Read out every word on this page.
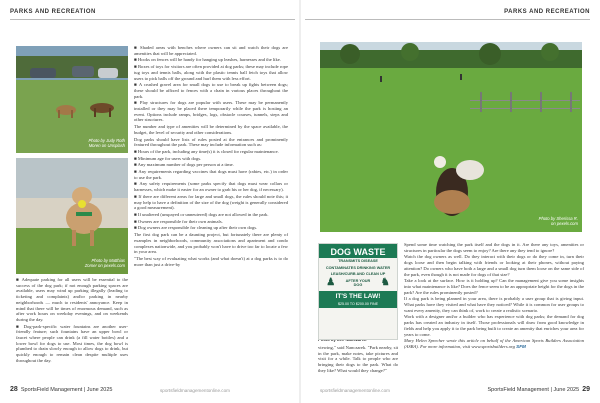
PARKS AND RECREATION
Photo by Judy Roth
Moren on Unsplash
Photo by Matthias
Zomer on pexels.com

■ Adequate parking for all users will be essential to the success of the dog park; if not enough parking spaces are available, users may wind up parking illegally (leading to ticketing and complaints) and/or parking in nearby neighborhoods — much to residents' annoyance. Keep in mind that there will be times of enormous demand, such as after work hours on weekday evenings, and on weekends during the day.

■ Dog-park-specific water fountains are another user-friendly feature; such fountains have an upper bowl or faucet where people can drink (a fill water bottles) and a lower bowl for dogs to use. Most times, the dog bowl is plumbed to drain slowly enough to allow dogs to drink, but quickly enough to remain clean despite multiple uses throughout the day.

■ Shaded areas with benches where owners can sit and watch their dogs are amenities that will be appreciated.

■ Hooks on fences will be handy for hanging up leashes, harnesses and the like.

■ Boxes of toys for visitors are often provided at dog parks; these may include rope tug toys and tennis balls, along with the plastic tennis ball fetch toys that allow users to pick balls off the ground and hurl them with less effort.

■ A crushed gravel area for small dogs to use to break up fights between dogs; these should be affixed to fences with a chain in various places throughout the park.

■ Play structures for dogs are popular with users. These may be permanently installed or they may be placed there temporarily while the park is hosting an event. Options include ramps, bridges, logs, obstacle courses, tunnels, steps and other structures.

The number and type of amenities will be determined by the space available, the budget, the level of security and other considerations.

Dog parks should have lists of rules posted at the entrances and prominently featured throughout the park. These may include information such as:

■ Hours of the park, including any time(s) it is closed for regular maintenance.

■ Minimum age for users with dogs.

■ Any maximum number of dogs per person at a time.

■ Any requirements regarding vaccines that dogs must have (rabies, etc.) in order to use the park.

■ Any safety requirements (some parks specify that dogs must wear collars or harnesses, which make it easier for an owner to grab his or her dog, if necessary).

■ If there are different areas for large and small dogs, the rules should note this; it may help to have a definition of the size of the dog (weight is generally considered a good measurement).

■ If unaltered (unspayed or unneutered) dogs are not allowed in the park.

■ Owners are responsible for their own animals.

■ Dog owners are responsible for cleaning up after their own dogs.

The first dog park can be a daunting project, but fortunately there are plenty of examples in neighborhoods, community associations and apartment and condo complexes nationwide, and you probably won't have to drive too far to locate a few in your area.

"The best way of evaluating what works (and what doesn't) at a dog parks is to do more than just a drive-by

28 SportsField Management | June 2025	sportsfieldmanagementonline.com
PARKS AND RECREATION
Photo by Sherissa R.
on pexels.com

viewing," said Nanczarek. "Park nearby, sit in the park, make notes, take pictures and visit for a while. Talk to people who are bringing their dogs to the park. What do they like? What would they change?"

Spend some time watching the park itself and the dogs in it. Are there any toys, amenities or structures in particular the dogs seem to enjoy? Are there any they tend to ignore?

Watch the dog owners as well. Do they interact with their dogs or do they come in, turn their dogs loose and then begin talking with friends or looking at their phones, without paying attention? Do owners who have both a large and a small dog turn them loose on the same side of the park, even though it is not made for dogs of that size?

Take a look at the surface. How is it holding up? Can the management give you some insights into what maintenance is like? Does the fence seem to be an appropriate height for the dogs in the park? Are the rules prominently posted?

If a dog park is being planned in your area, there is probably a user group that is giving input. What parks have they visited and what have they noticed? While it is common for user groups to want every amenity, they can think of, work to create a realistic scenario.

Work with a designer and/or a builder who has experience with dog parks; the demand for dog parks has created an industry in itself. Those professionals will draw from good knowledge in fields and help you apply it to the park being built to create an amenity that enriches your area for years to come.

Mary Helen Sprecher wrote this article on behalf of the American Sports Builders Association (ASBA). For more information, visit www.sportsbuilders.org SFM

SportsField Management | June 2025 29
sportsfieldmanagementonline.com
DOG WASTE
TRANSMITS DISEASE
CONTAMINATES DRINKING WATER
LEASH/CURB AND CLEAN UP
♟	AFTER YOUR
DOG	♞
IT'S THE LAW!
$25.00 TO $200.00 FINE
